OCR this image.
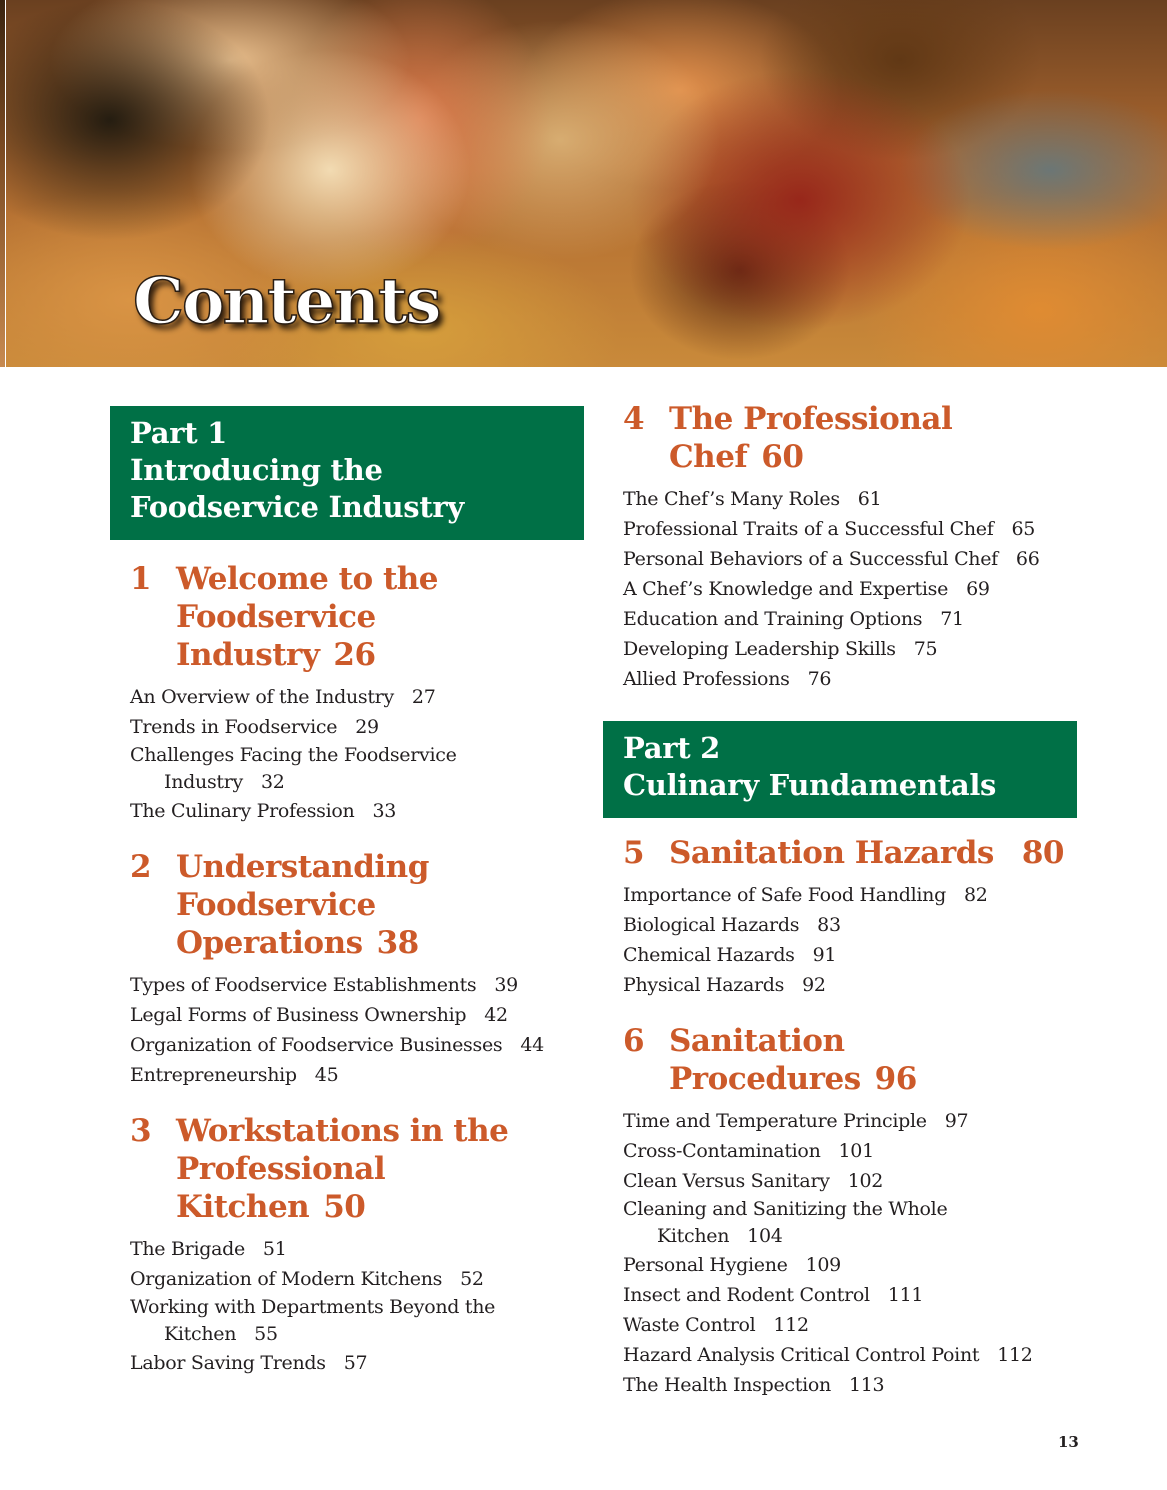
Contents
Part 1
Introducing the Foodservice Industry
1 Welcome to the Foodservice Industry 26
An Overview of the Industry 27
Trends in Foodservice 29
Challenges Facing the Foodservice Industry 32
The Culinary Profession 33
2 Understanding Foodservice Operations 38
Types of Foodservice Establishments 39
Legal Forms of Business Ownership 42
Organization of Foodservice Businesses 44
Entrepreneurship 45
3 Workstations in the Professional Kitchen 50
The Brigade 51
Organization of Modern Kitchens 52
Working with Departments Beyond the Kitchen 55
Labor Saving Trends 57
4 The Professional Chef 60
The Chef’s Many Roles 61
Professional Traits of a Successful Chef 65
Personal Behaviors of a Successful Chef 66
A Chef’s Knowledge and Expertise 69
Education and Training Options 71
Developing Leadership Skills 75
Allied Professions 76
Part 2
Culinary Fundamentals
5 Sanitation Hazards 80
Importance of Safe Food Handling 82
Biological Hazards 83
Chemical Hazards 91
Physical Hazards 92
6 Sanitation Procedures 96
Time and Temperature Principle 97
Cross-Contamination 101
Clean Versus Sanitary 102
Cleaning and Sanitizing the Whole Kitchen 104
Personal Hygiene 109
Insect and Rodent Control 111
Waste Control 112
Hazard Analysis Critical Control Point 112
The Health Inspection 113
13
